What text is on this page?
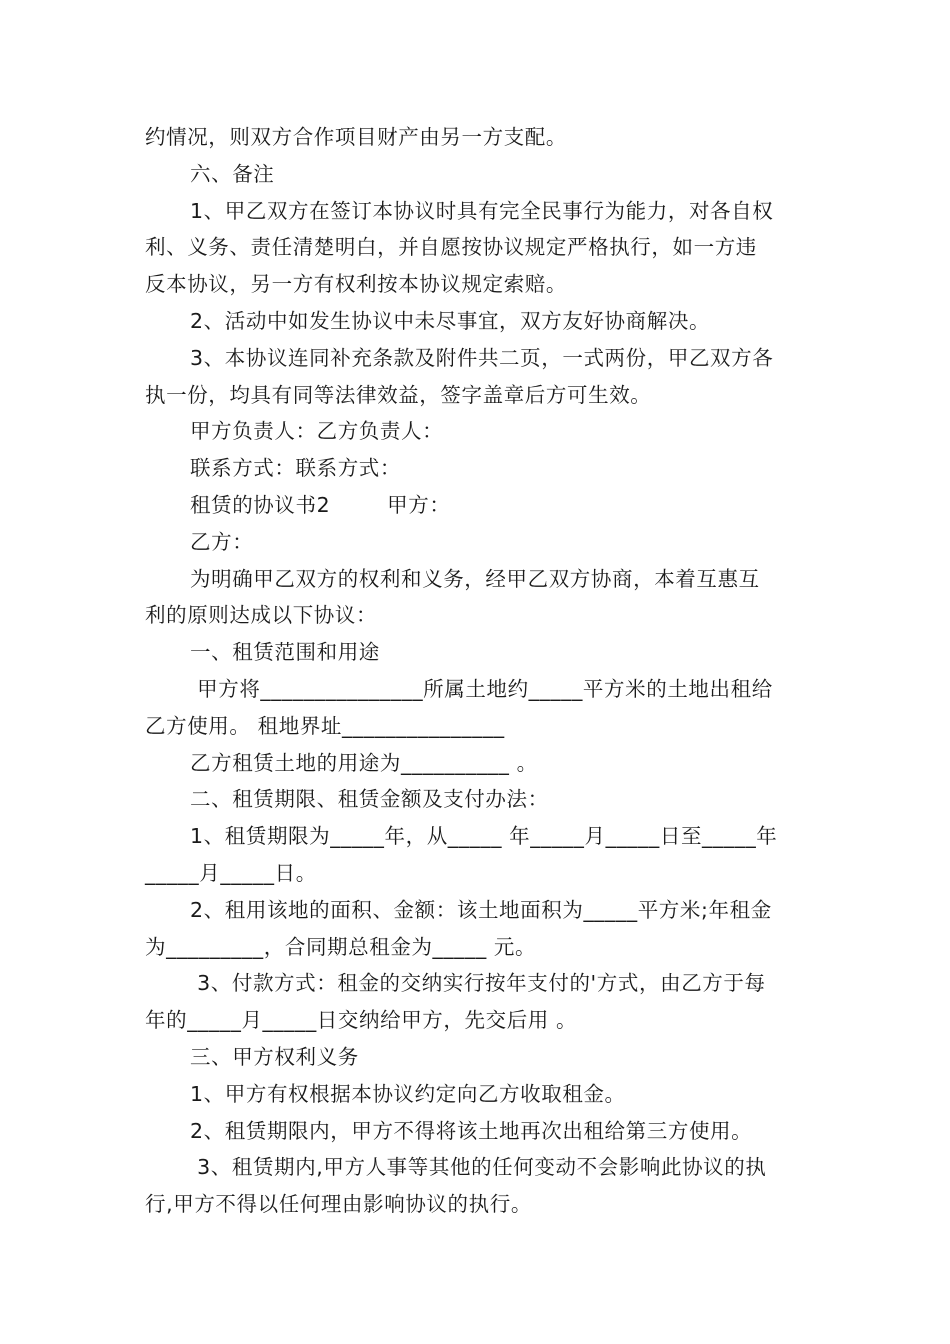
约情况，则双方合作项目财产由另一方支配。
六、备注
1、甲乙双方在签订本协议时具有完全民事行为能力，对各自权
利、义务、责任清楚明白，并自愿按协议规定严格执行，如一方违
反本协议，另一方有权利按本协议规定索赔。
2、活动中如发生协议中未尽事宜，双方友好协商解决。
3、本协议连同补充条款及附件共二页，一式两份，甲乙双方各
执一份，均具有同等法律效益，签字盖章后方可生效。
甲方负责人：乙方负责人：
联系方式：联系方式：
租赁的协议书2        甲方：
乙方：
为明确甲乙双方的权利和义务，经甲乙双方协商，本着互惠互
利的原则达成以下协议：
一、租赁范围和用途
甲方将_______________所属土地约_____平方米的土地出租给
乙方使用。 租地界址_______________
乙方租赁土地的用途为__________ 。
二、租赁期限、租赁金额及支付办法：
1、租赁期限为_____年，从_____ 年_____月_____日至_____年
_____月_____日。
2、租用该地的面积、金额：该土地面积为_____平方米;年租金
为_________，合同期总租金为_____ 元。
3、付款方式：租金的交纳实行按年支付的'方式，由乙方于每
年的_____月_____日交纳给甲方，先交后用 。
三、甲方权利义务
1、甲方有权根据本协议约定向乙方收取租金。
2、租赁期限内，甲方不得将该土地再次出租给第三方使用。
3、租赁期内,甲方人事等其他的任何变动不会影响此协议的执
行,甲方不得以任何理由影响协议的执行。
